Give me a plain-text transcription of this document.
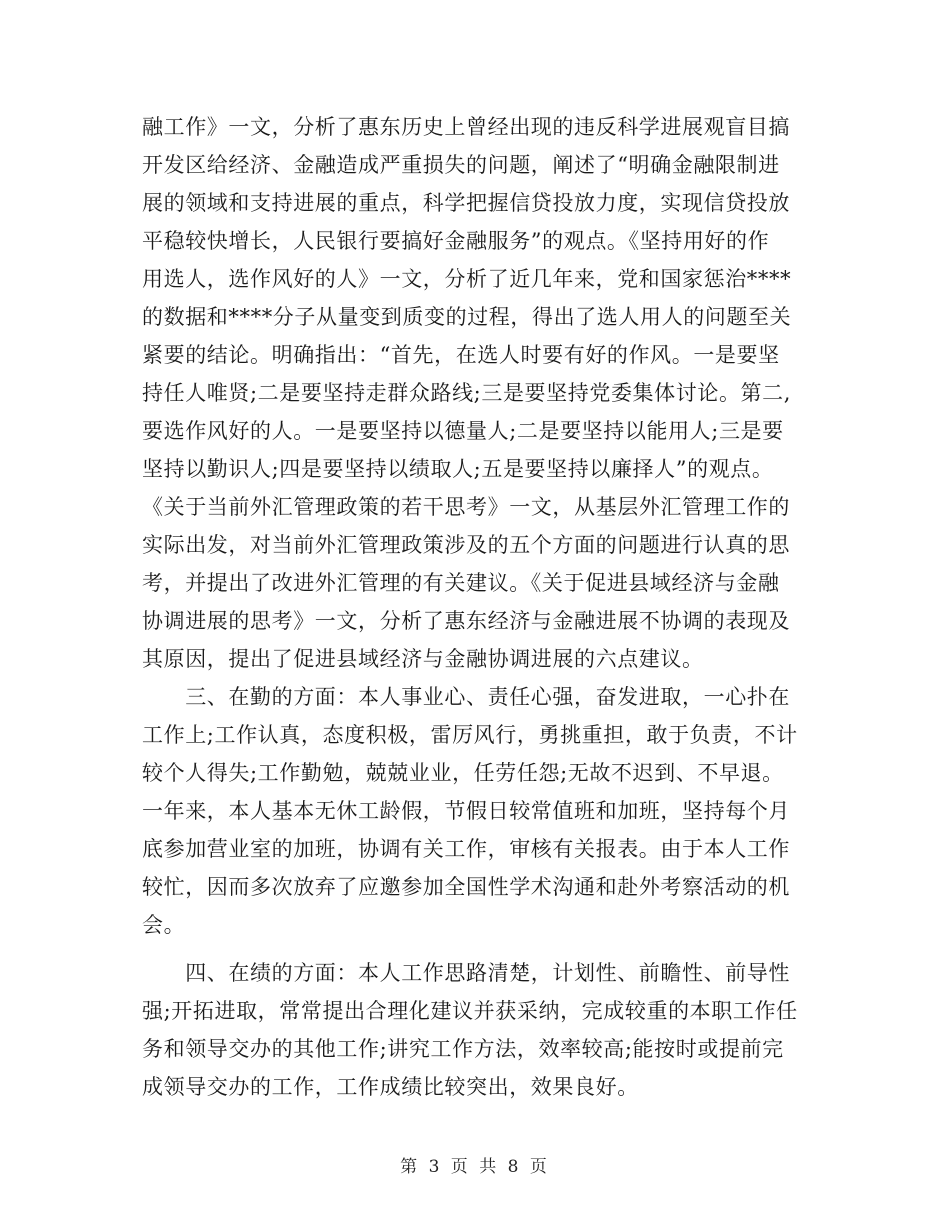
融工作》一文，分析了惠东历史上曾经出现的违反科学进展观盲目搞
开发区给经济、金融造成严重损失的问题，阐述了“明确金融限制进
展的领域和支持进展的重点，科学把握信贷投放力度，实现信贷投放
平稳较快增长，人民银行要搞好金融服务”的观点。《坚持用好的作
用选人，选作风好的人》一文，分析了近几年来，党和国家惩治****
的数据和****分子从量变到质变的过程，得出了选人用人的问题至关
紧要的结论。明确指出：“首先，在选人时要有好的作风。一是要坚
持任人唯贤;二是要坚持走群众路线;三是要坚持党委集体讨论。第二,
要选作风好的人。一是要坚持以德量人;二是要坚持以能用人;三是要
坚持以勤识人;四是要坚持以绩取人;五是要坚持以廉择人”的观点。
《关于当前外汇管理政策的若干思考》一文，从基层外汇管理工作的
实际出发，对当前外汇管理政策涉及的五个方面的问题进行认真的思
考，并提出了改进外汇管理的有关建议。《关于促进县域经济与金融
协调进展的思考》一文，分析了惠东经济与金融进展不协调的表现及
其原因，提出了促进县域经济与金融协调进展的六点建议。
　　三、在勤的方面：本人事业心、责任心强，奋发进取，一心扑在
工作上;工作认真，态度积极，雷厉风行，勇挑重担，敢于负责，不计
较个人得失;工作勤勉，兢兢业业，任劳任怨;无故不迟到、不早退。
一年来，本人基本无休工龄假，节假日较常值班和加班，坚持每个月
底参加营业室的加班，协调有关工作，审核有关报表。由于本人工作
较忙，因而多次放弃了应邀参加全国性学术沟通和赴外考察活动的机
会。
　　四、在绩的方面：本人工作思路清楚，计划性、前瞻性、前导性
强;开拓进取，常常提出合理化建议并获采纳，完成较重的本职工作任
务和领导交办的其他工作;讲究工作方法，效率较高;能按时或提前完
成领导交办的工作，工作成绩比较突出，效果良好。
第 3 页 共 8 页
